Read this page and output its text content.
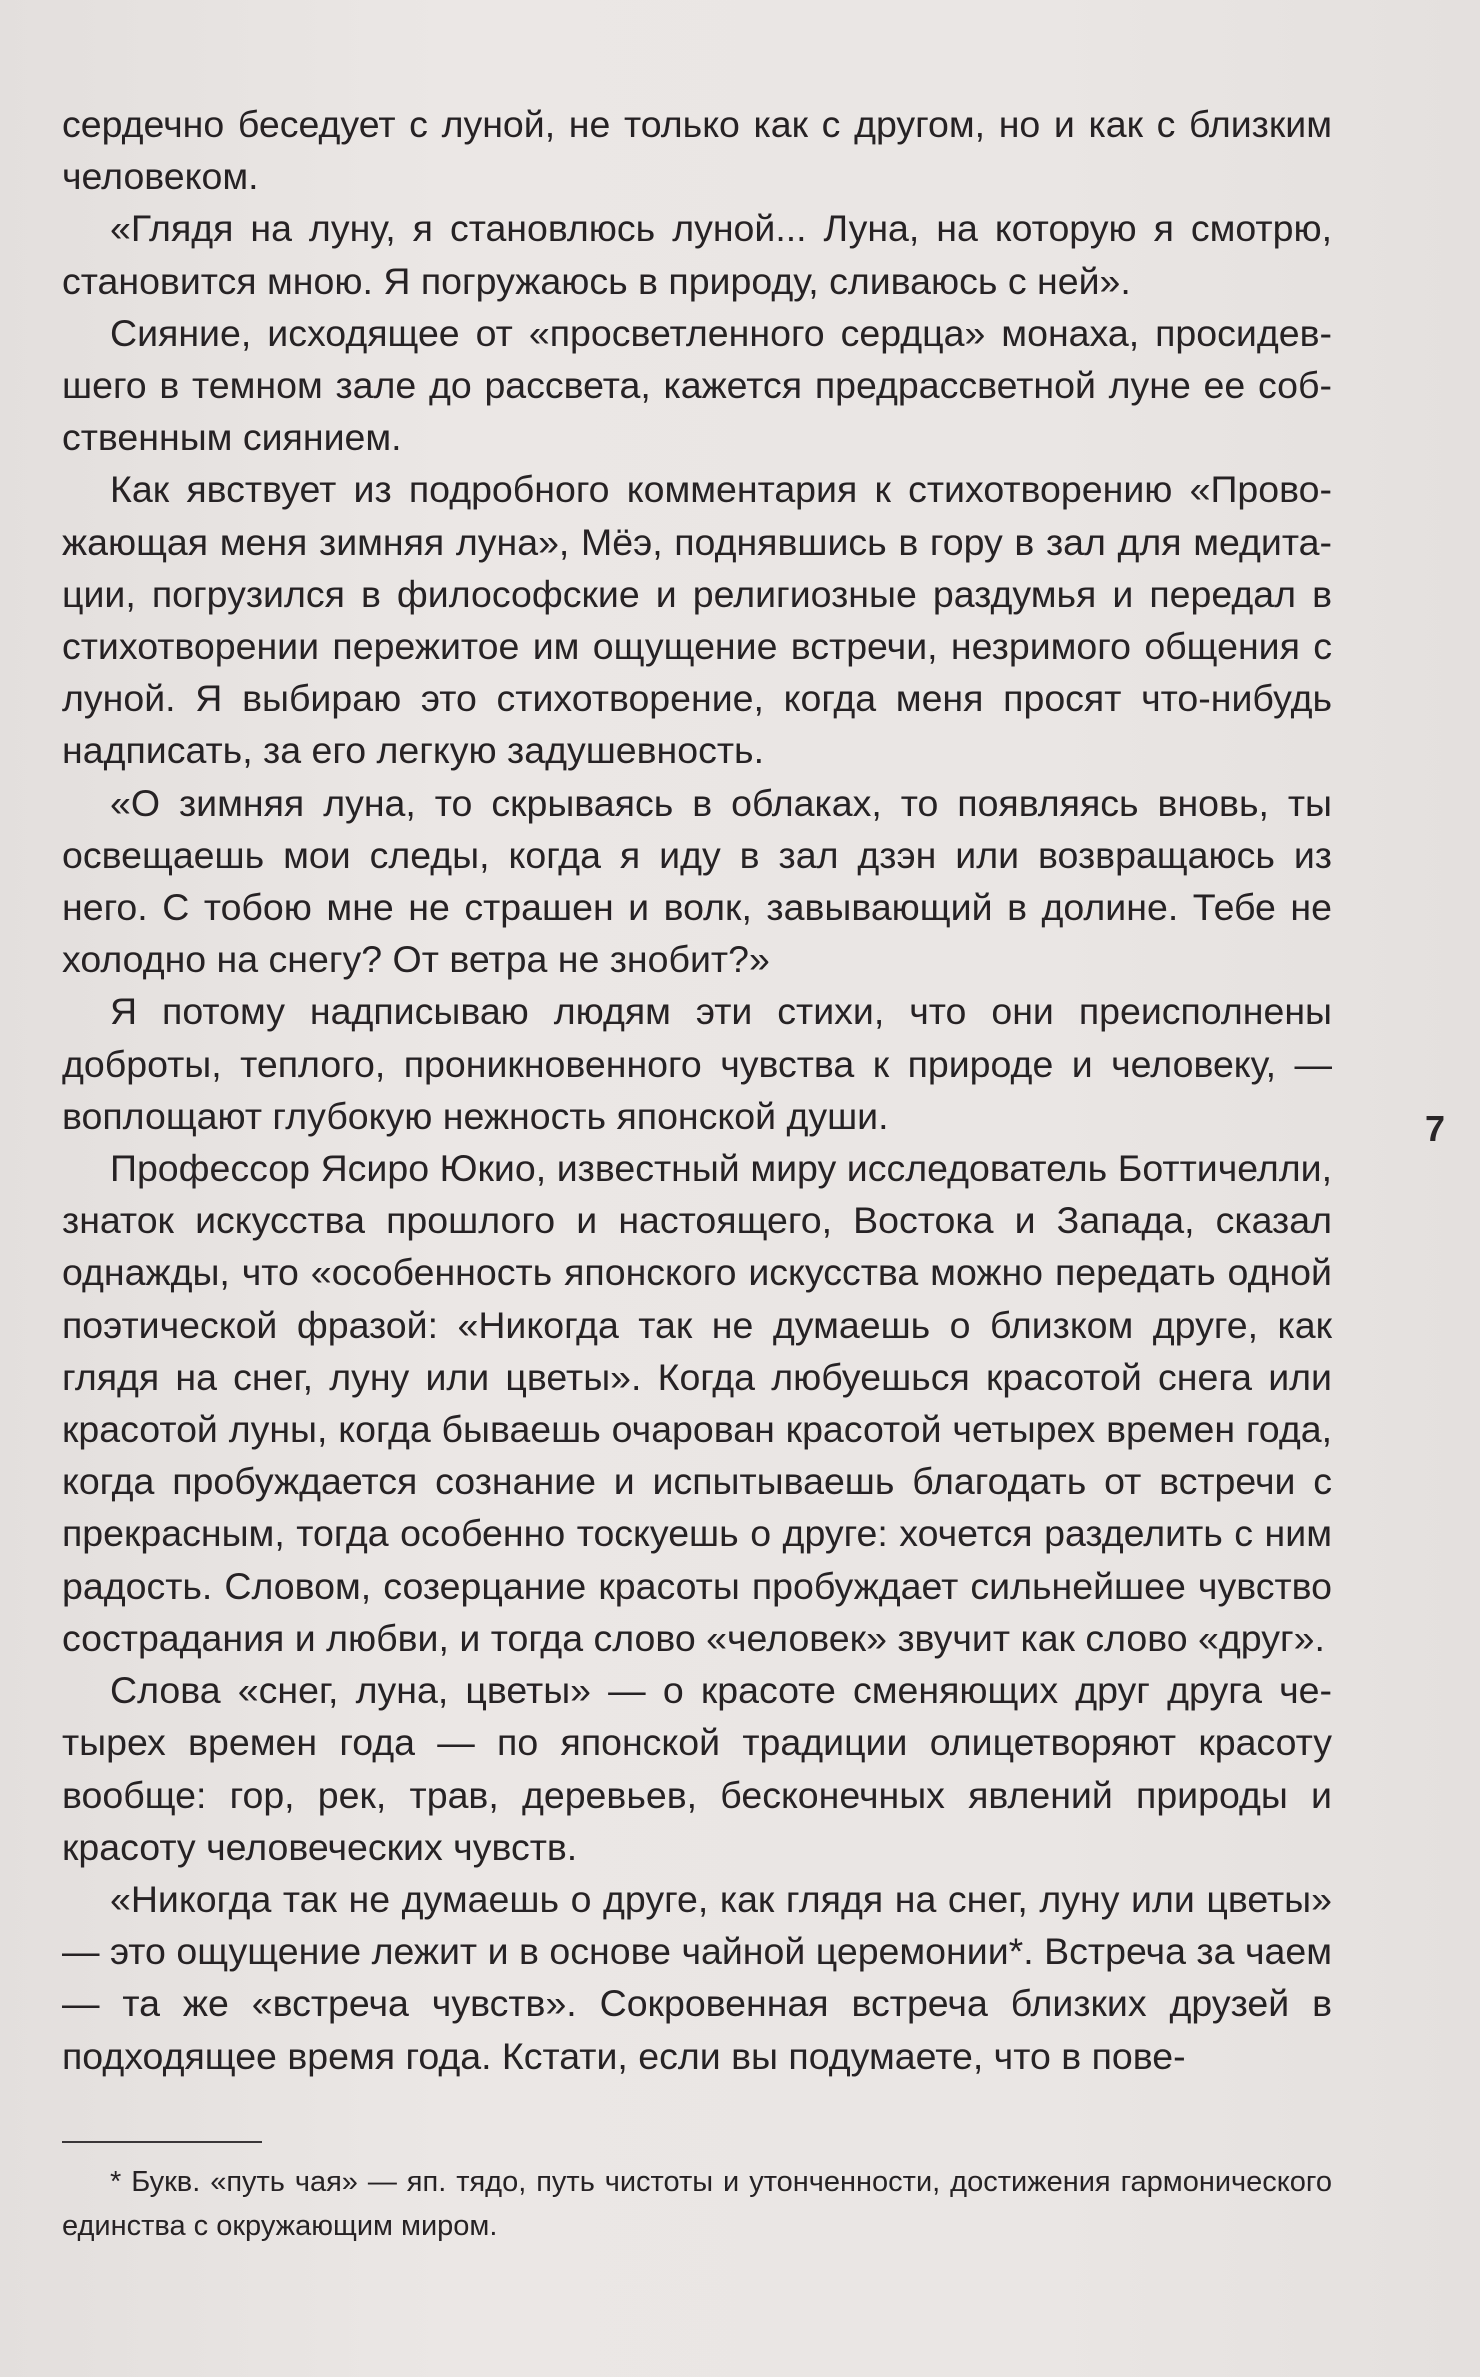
сердечно беседует с луной, не только как с другом, но и как с близким человеком.

«Глядя на луну, я становлюсь луной... Луна, на которую я смотрю, становится мною. Я погружаюсь в природу, сливаюсь с ней».

Сияние, исходящее от «просветленного сердца» монаха, просидевшего в темном зале до рассвета, кажется предрассветной луне ее собственным сиянием.

Как явствует из подробного комментария к стихотворению «Провожающая меня зимняя луна», Мёэ, поднявшись в гору в зал для медитации, погрузился в философские и религиозные раздумья и передал в стихотворении пережитое им ощущение встречи, незримого общения с луной. Я выбираю это стихотворение, когда меня просят что-нибудь надписать, за его легкую задушевность.

«О зимняя луна, то скрываясь в облаках, то появляясь вновь, ты освещаешь мои следы, когда я иду в зал дзэн или возвращаюсь из него. С тобою мне не страшен и волк, завывающий в долине. Тебе не холодно на снегу? От ветра не знобит?»

Я потому надписываю людям эти стихи, что они преисполнены доброты, теплого, проникновенного чувства к природе и человеку, — воплощают глубокую нежность японской души.

Профессор Ясиро Юкио, известный миру исследователь Боттичелли, знаток искусства прошлого и настоящего, Востока и Запада, сказал однажды, что «особенность японского искусства можно передать одной поэтической фразой: «Никогда так не думаешь о близком друге, как глядя на снег, луну или цветы». Когда любуешься красотой снега или красотой луны, когда бываешь очарован красотой четырех времен года, когда пробуждается сознание и испытываешь благодать от встречи с прекрасным, тогда особенно тоскуешь о друге: хочется разделить с ним радость. Словом, созерцание красоты пробуждает сильнейшее чувство сострадания и любви, и тогда слово «человек» звучит как слово «друг».

Слова «снег, луна, цветы» — о красоте сменяющих друг друга четырех времен года — по японской традиции олицетворяют красоту вообще: гор, рек, трав, деревьев, бесконечных явлений природы и красоту человеческих чувств.

«Никогда так не думаешь о друге, как глядя на снег, луну или цветы» — это ощущение лежит и в основе чайной церемонии*. Встреча за чаем — та же «встреча чувств». Сокровенная встреча близких друзей в подходящее время года. Кстати, если вы подумаете, что в пове-

7

* Букв. «путь чая» — яп. тядо, путь чистоты и утонченности, достижения гармонического единства с окружающим миром.
